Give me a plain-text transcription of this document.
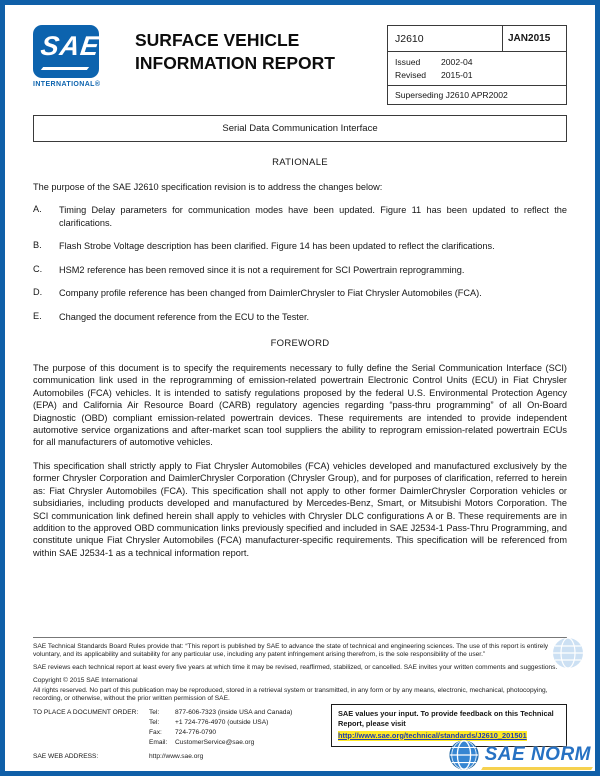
SAE
INTERNATIONAL®
SURFACE VEHICLE
INFORMATION REPORT
J2610	JAN2015
Issued	2002-04
Revised	2015-01
Superseding J2610 APR2002
Serial Data Communication Interface
RATIONALE
The purpose of the SAE J2610 specification revision is to address the changes below:
A.	Timing Delay parameters for communication modes have been updated. Figure 11 has been updated to reflect the clarifications.
B.	Flash Strobe Voltage description has been clarified. Figure 14 has been updated to reflect the clarifications.
C.	HSM2 reference has been removed since it is not a requirement for SCI Powertrain reprogramming.
D.	Company profile reference has been changed from DaimlerChrysler to Fiat Chrysler Automobiles (FCA).
E.	Changed the document reference from the ECU to the Tester.
FOREWORD
The purpose of this document is to specify the requirements necessary to fully define the Serial Communication Interface (SCI) communication link used in the reprogramming of emission-related powertrain Electronic Control Units (ECU) in Fiat Chrysler Automobiles (FCA) vehicles. It is intended to satisfy regulations proposed by the federal U.S. Environmental Protection Agency (EPA) and California Air Resource Board (CARB) regulatory agencies regarding “pass-thru programming” of all On-Board Diagnostic (OBD) compliant emission-related powertrain devices. These requirements are intended to provide independent automotive service organizations and after-market scan tool suppliers the ability to reprogram emission-related powertrain ECUs for all manufacturers of automotive vehicles.
This specification shall strictly apply to Fiat Chrysler Automobiles (FCA) vehicles developed and manufactured exclusively by the former Chrysler Corporation and DaimlerChrysler Corporation (Chrysler Group), and for purposes of clarification, referred to herein as: Fiat Chrysler Automobiles (FCA). This specification shall not apply to other former DaimlerChrysler Corporation vehicles or subsidiaries, including products developed and manufactured by Mercedes-Benz, Smart, or Mitsubishi Motors Corporation. The SCI communication link defined herein shall apply to vehicles with Chrysler DLC configurations A or B. These requirements are in addition to the approved OBD communication links previously specified and included in SAE J2534-1 Pass-Thru Programming, and constitute unique Fiat Chrysler Automobiles (FCA) manufacturer-specific requirements. This specification will be referenced from within SAE J2534-1 as a technical information report.
SAE Technical Standards Board Rules provide that: “This report is published by SAE to advance the state of technical and engineering sciences. The use of this report is entirely voluntary, and its applicability and suitability for any particular use, including any patent infringement arising therefrom, is the sole responsibility of the user.”
SAE reviews each technical report at least every five years at which time it may be revised, reaffirmed, stabilized, or cancelled. SAE invites your written comments and suggestions.
Copyright © 2015 SAE International
All rights reserved. No part of this publication may be reproduced, stored in a retrieval system or transmitted, in any form or by any means, electronic, mechanical, photocopying, recording, or otherwise, without the prior written permission of SAE.
TO PLACE A DOCUMENT ORDER:	Tel:	877-606-7323 (inside USA and Canada)
Tel:	+1 724-776-4970 (outside USA)
Fax:	724-776-0790
Email:	CustomerService@sae.org
SAE WEB ADDRESS:	http://www.sae.org
SAE values your input. To provide feedback on this Technical Report, please visit
http://www.sae.org/technical/standards/J2610_201501
SAE NORM
